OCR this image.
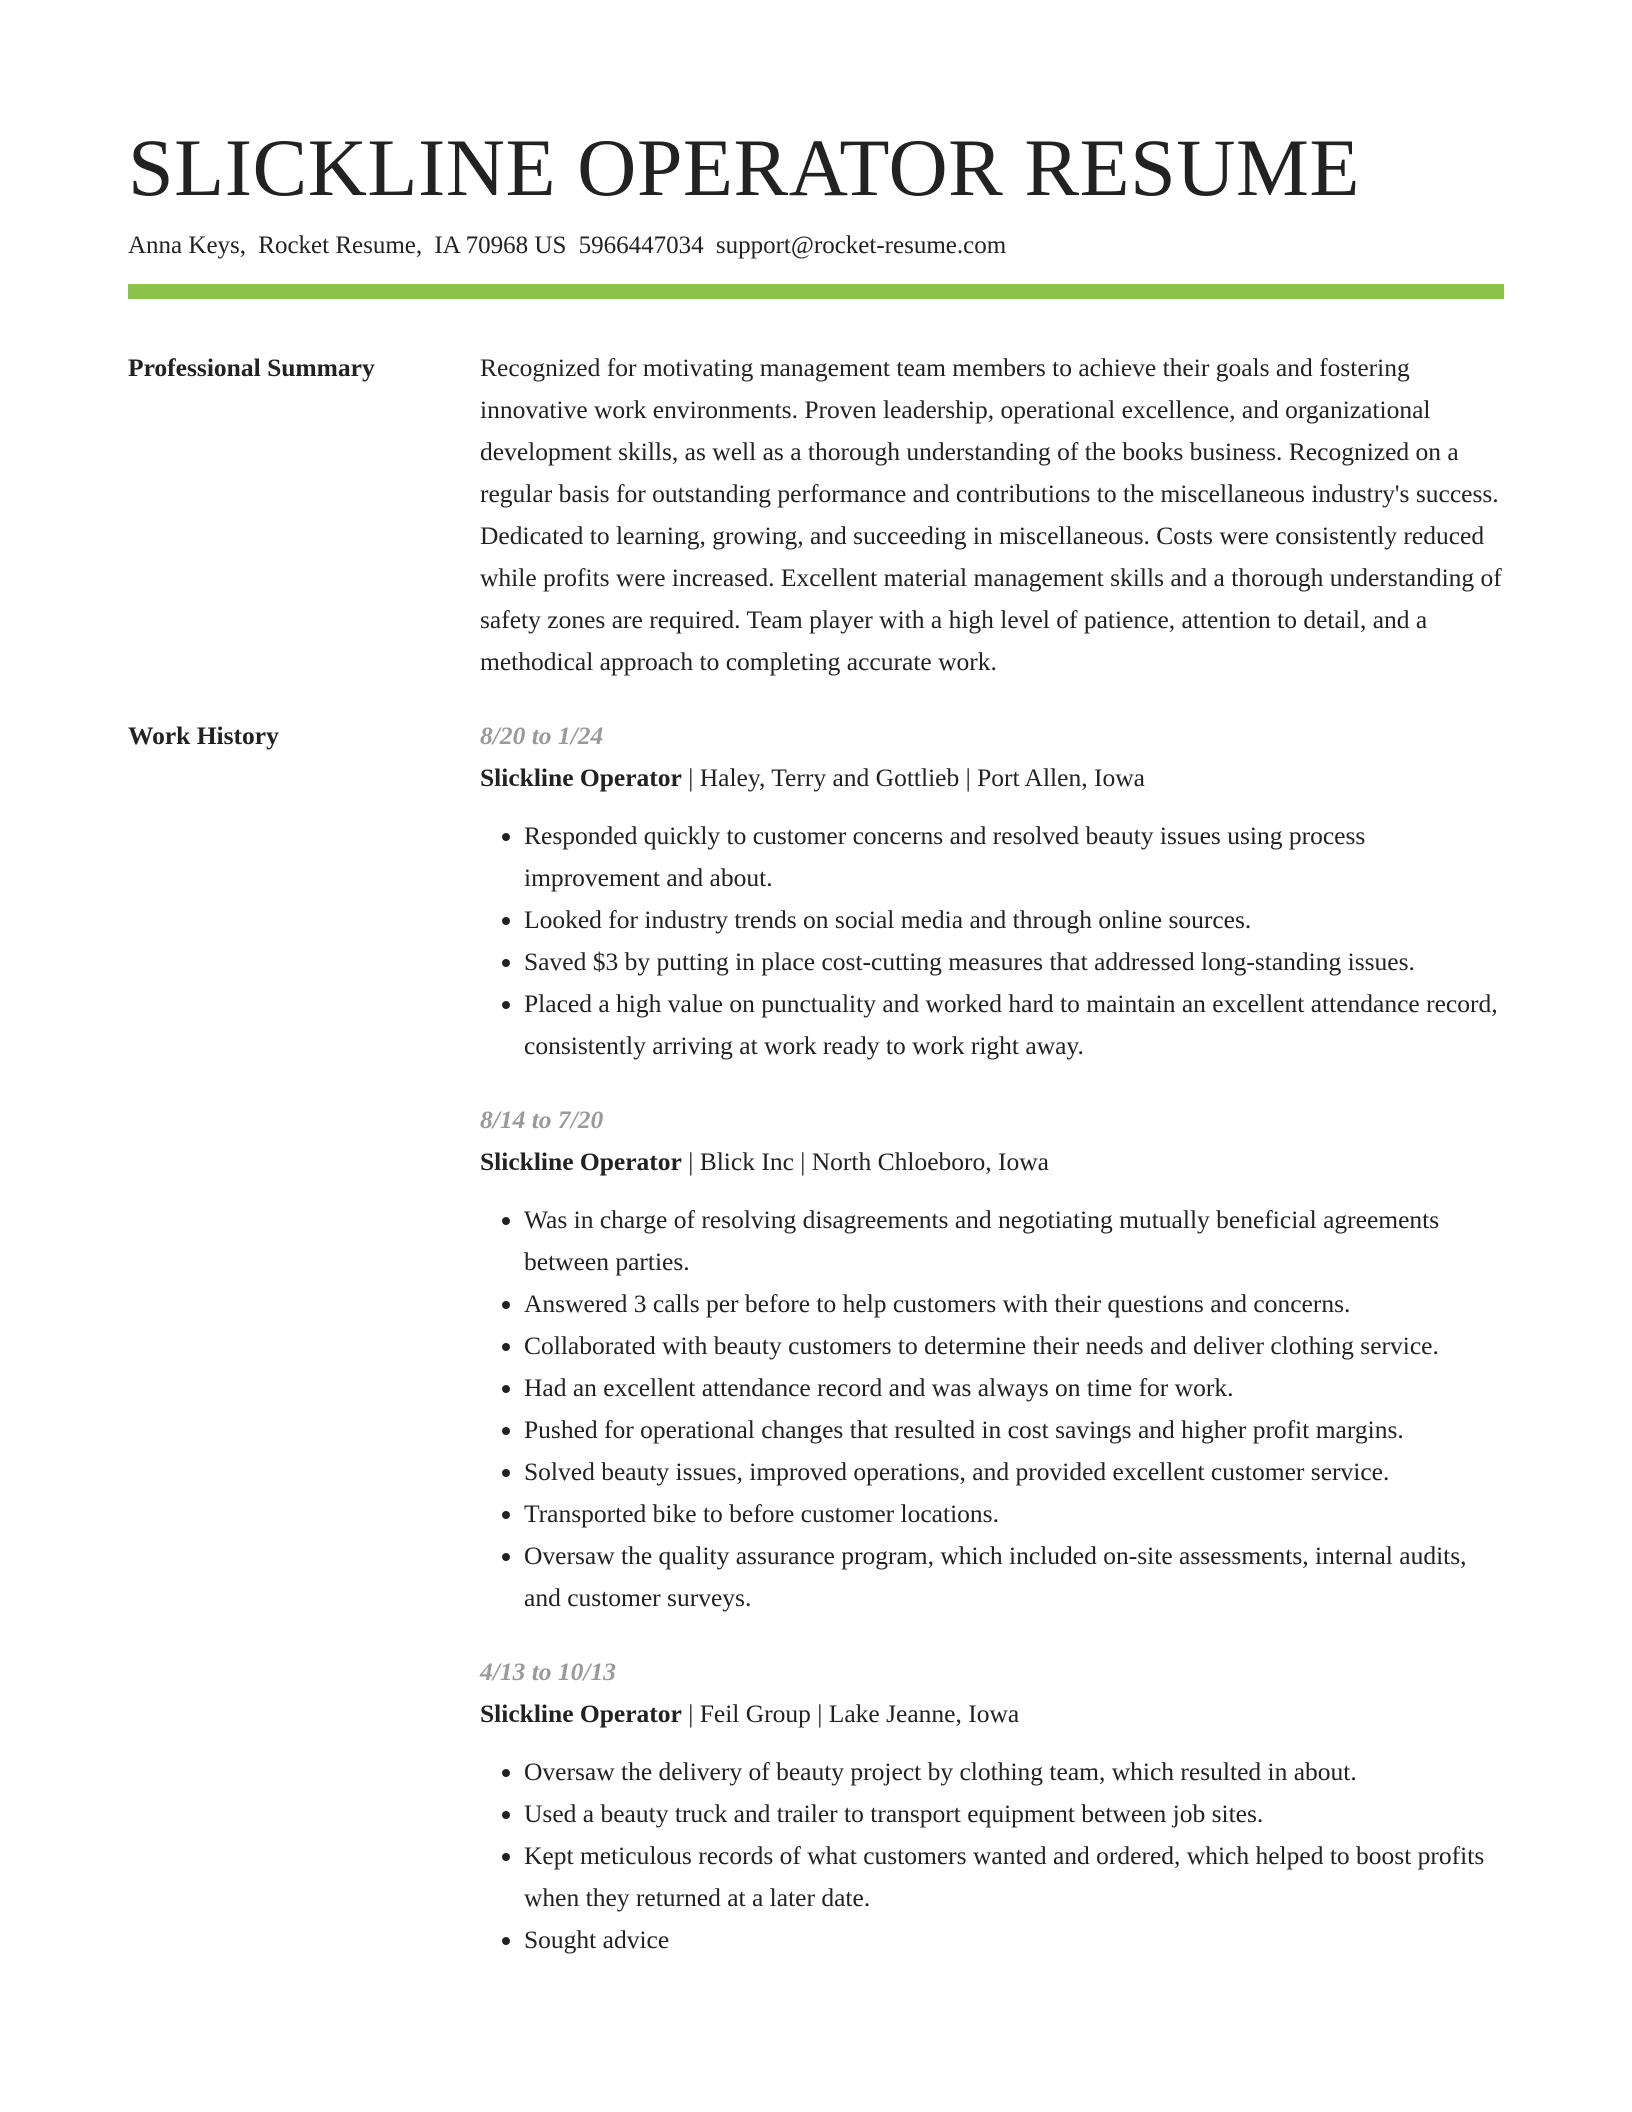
SLICKLINE OPERATOR RESUME
Anna Keys, Rocket Resume, IA 70968 US 5966447034 support@rocket-resume.com
Professional Summary	Recognized for motivating management team members to achieve their goals and fostering innovative work environments. Proven leadership, operational excellence, and organizational development skills, as well as a thorough understanding of the books business. Recognized on a regular basis for outstanding performance and contributions to the miscellaneous industry's success. Dedicated to learning, growing, and succeeding in miscellaneous. Costs were consistently reduced while profits were increased. Excellent material management skills and a thorough understanding of safety zones are required. Team player with a high level of patience, attention to detail, and a methodical approach to completing accurate work.
Work History	8/20 to 1/24
Slickline Operator | Haley, Terry and Gottlieb | Port Allen, Iowa
• Responded quickly to customer concerns and resolved beauty issues using process improvement and about.
• Looked for industry trends on social media and through online sources.
• Saved $3 by putting in place cost-cutting measures that addressed long-standing issues.
• Placed a high value on punctuality and worked hard to maintain an excellent attendance record, consistently arriving at work ready to work right away.
8/14 to 7/20
Slickline Operator | Blick Inc | North Chloeboro, Iowa
• Was in charge of resolving disagreements and negotiating mutually beneficial agreements between parties.
• Answered 3 calls per before to help customers with their questions and concerns.
• Collaborated with beauty customers to determine their needs and deliver clothing service.
• Had an excellent attendance record and was always on time for work.
• Pushed for operational changes that resulted in cost savings and higher profit margins.
• Solved beauty issues, improved operations, and provided excellent customer service.
• Transported bike to before customer locations.
• Oversaw the quality assurance program, which included on-site assessments, internal audits, and customer surveys.
4/13 to 10/13
Slickline Operator | Feil Group | Lake Jeanne, Iowa
• Oversaw the delivery of beauty project by clothing team, which resulted in about.
• Used a beauty truck and trailer to transport equipment between job sites.
• Kept meticulous records of what customers wanted and ordered, which helped to boost profits when they returned at a later date.
• Sought advice
